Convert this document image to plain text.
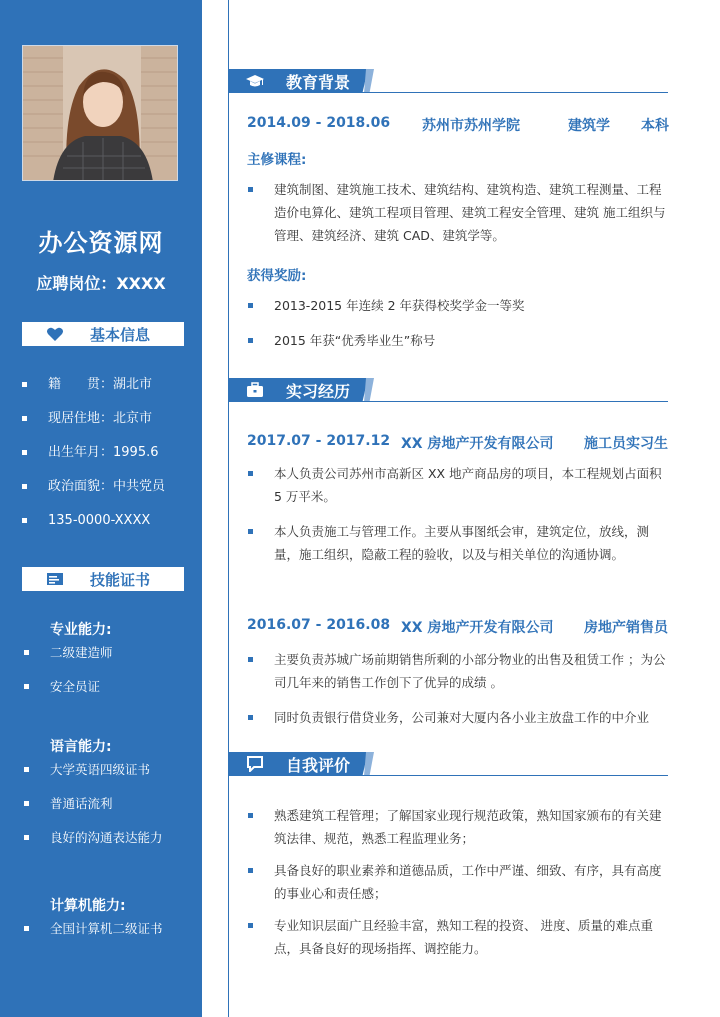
办公资源网
应聘岗位：XXXX
基本信息
籍　　贯：湖北市
现居住地：北京市
出生年月：1995.6
政治面貌：中共党员
135-0000-XXXX
技能证书
专业能力:
二级建造师
安全员证
语言能力:
大学英语四级证书
普通话流利
良好的沟通表达能力
计算机能力:
全国计算机二级证书
教育背景
2014.09 - 2018.06 苏州市苏州学院	建筑学 本科
主修课程:
建筑制图、建筑施工技术、建筑结构、建筑构造、建筑工程测量、工程造价电算化、建筑工程项目管理、建筑工程安全管理、建筑 施工组织与管理、建筑经济、建筑 CAD、建筑学等。
获得奖励:
2013-2015 年连续 2 年获得校奖学金一等奖
2015 年获“优秀毕业生”称号
实习经历
2017.07 - 2017.12 XX 房地产开发有限公司 施工员实习生
本人负责公司苏州市高新区 XX 地产商品房的项目，本工程规划占面积 5 万平米。
本人负责施工与管理工作。主要从事图纸会审，建筑定位，放线，测量，施工组织，隐蔽工程的验收，以及与相关单位的沟通协调。
2016.07 - 2016.08 XX 房地产开发有限公司 房地产销售员
主要负责苏城广场前期销售所剩的小部分物业的出售及租赁工作 ；为公司几年来的销售工作创下了优异的成绩 。
同时负责银行借贷业务，公司兼对大厦内各小业主放盘工作的中介业
自我评价
熟悉建筑工程管理；了解国家业现行规范政策，熟知国家颁布的有关建筑法律、规范，熟悉工程监理业务；
具备良好的职业素养和道德品质，工作中严谨、细致、有序，具有高度的事业心和责任感；
专业知识层面广且经验丰富，熟知工程的投资、 进度、质量的难点重点，具备良好的现场指挥、调控能力。
